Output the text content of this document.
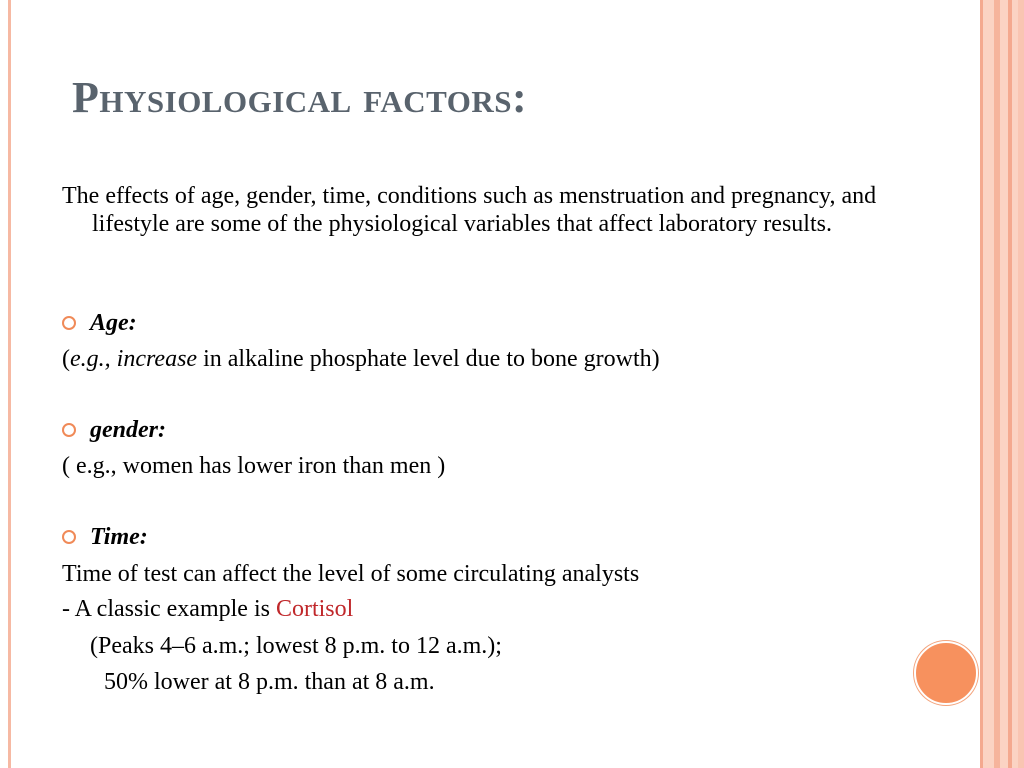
Physiological factors:
The effects of age, gender, time, conditions such as menstruation and pregnancy, and lifestyle are some of the physiological variables that affect laboratory results.
Age:
(e.g., increase in alkaline phosphate level due to bone growth)
gender:
( e.g., women has lower iron than men )
Time:
Time of test can affect the level of some circulating analysts
- A classic example is Cortisol
(Peaks 4–6 a.m.; lowest 8 p.m. to 12 a.m.);
50% lower at 8 p.m. than at 8 a.m.
